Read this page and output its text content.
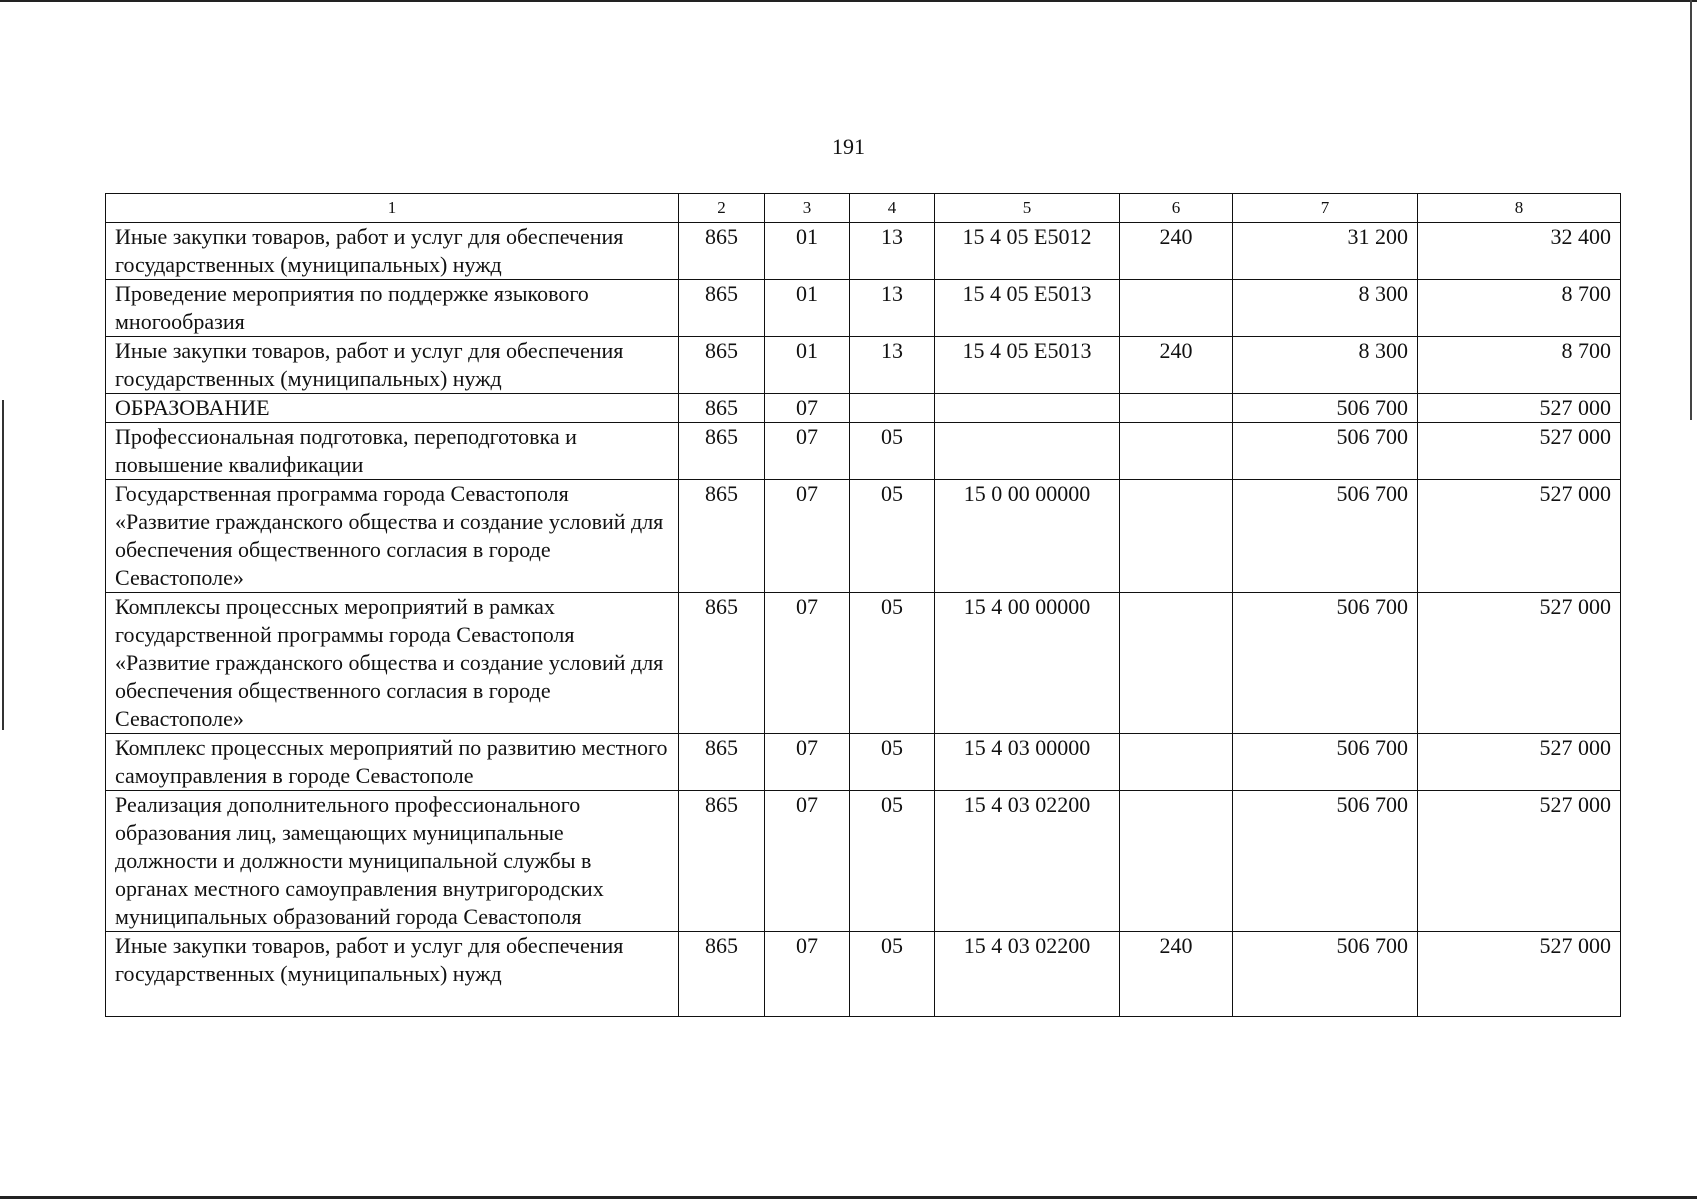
191
1	2	3	4	5	6	7	8
Иные закупки товаров, работ и услуг для обеспечения государственных (муниципальных) нужд	865	01	13	15 4 05 E5012	240	31 200	32 400
Проведение мероприятия по поддержке языкового многообразия	865	01	13	15 4 05 E5013		8 300	8 700
Иные закупки товаров, работ и услуг для обеспечения государственных (муниципальных) нужд	865	01	13	15 4 05 E5013	240	8 300	8 700
ОБРАЗОВАНИЕ	865	07				506 700	527 000
Профессиональная подготовка, переподготовка и повышение квалификации	865	07	05			506 700	527 000
Государственная программа города Севастополя «Развитие гражданского общества и создание условий для обеспечения общественного согласия в городе Севастополе»	865	07	05	15 0 00 00000		506 700	527 000
Комплексы процессных мероприятий в рамках государственной программы города Севастополя «Развитие гражданского общества и создание условий для обеспечения общественного согласия в городе Севастополе»	865	07	05	15 4 00 00000		506 700	527 000
Комплекс процессных мероприятий по развитию местного самоуправления в городе Севастополе	865	07	05	15 4 03 00000		506 700	527 000
Реализация дополнительного профессионального образования лиц, замещающих муниципальные должности и должности муниципальной службы в органах местного самоуправления внутригородских муниципальных образований города Севастополя	865	07	05	15 4 03 02200		506 700	527 000
Иные закупки товаров, работ и услуг для обеспечения государственных (муниципальных) нужд	865	07	05	15 4 03 02200	240	506 700	527 000
